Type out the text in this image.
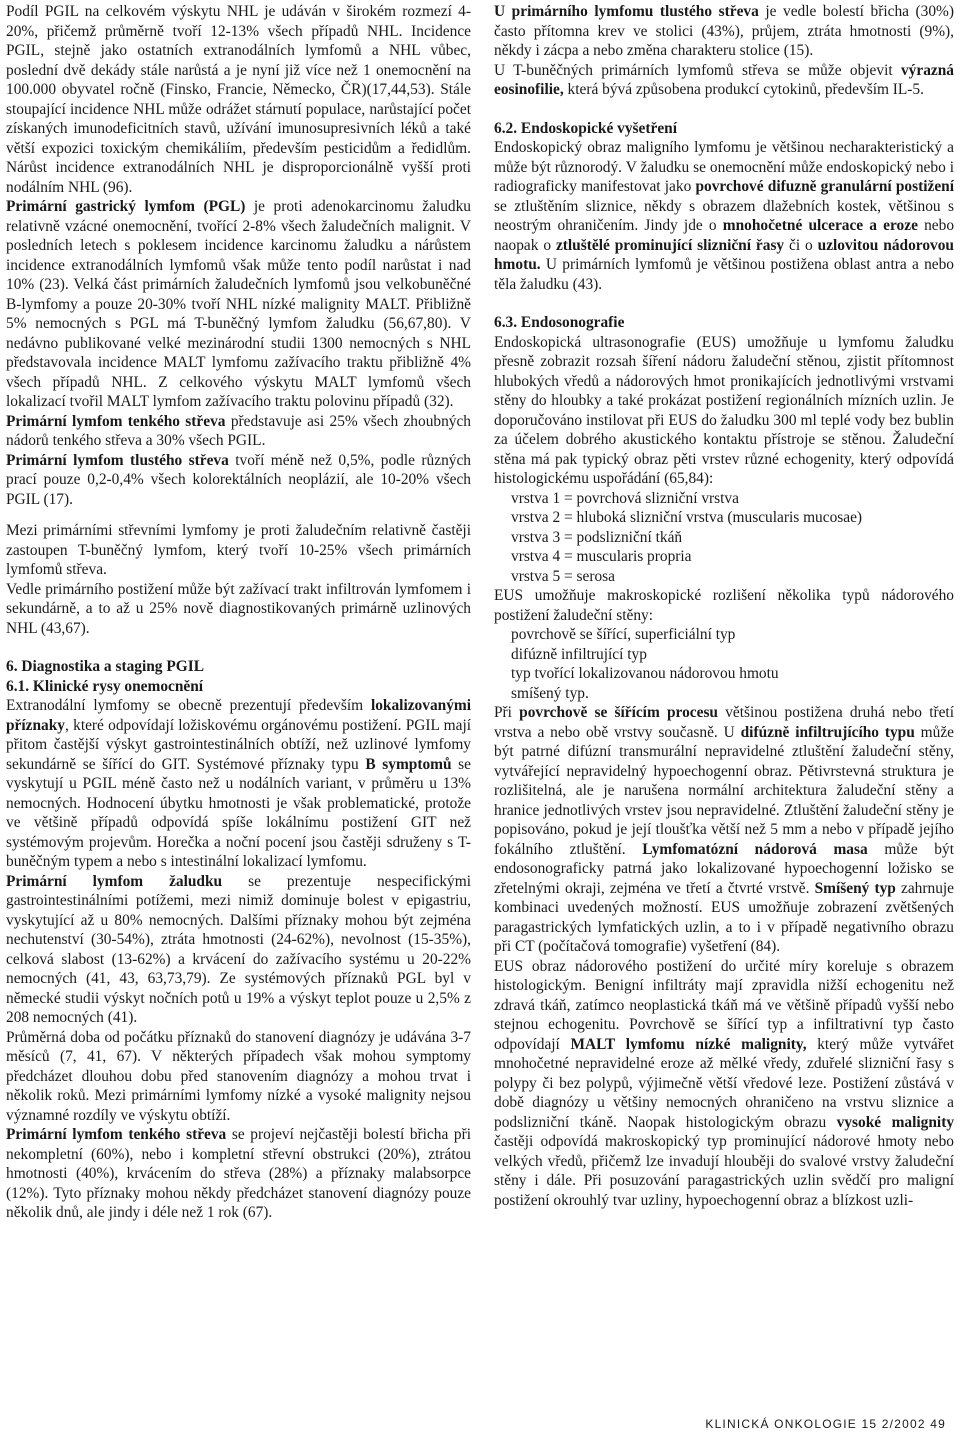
Podíl PGIL na celkovém výskytu NHL je udáván v širokém rozmezí 4-20%, přičemž průměrně tvoří 12-13% všech případů NHL. Incidence PGIL, stejně jako ostatních extranodálních lymfomů a NHL vůbec, poslední dvě dekády stále narůstá a je nyní již více než 1 onemocnění na 100.000 obyvatel ročně (Finsko, Francie, Německo, ČR)(17,44,53). Stále stoupající incidence NHL může odrážet stárnutí populace, narůstající počet získaných imunodeficitních stavů, užívání imunosupresivních léků a také větší expozici toxickým chemikáliím, především pesticidům a ředidlům. Nárůst incidence extranodálních NHL je disproporcionálně vyšší proti nodálním NHL (96).

Primární gastrický lymfom (PGL) je proti adenokarcinomu žaludku relativně vzácné onemocnění, tvořící 2-8% všech žaludečních malignit. V posledních letech s poklesem incidence karcinomu žaludku a nárůstem incidence extranodálních lymfomů však může tento podíl narůstat i nad 10% (23). Velká část primárních žaludečních lymfomů jsou velkobuněčné B-lymfomy a pouze 20-30% tvoří NHL nízké malignity MALT. Přibližně 5% nemocných s PGL má T-buněčný lymfom žaludku (56,67,80). V nedávno publikované velké mezinárodní studii 1300 nemocných s NHL představovala incidence MALT lymfomu zažívacího traktu přibližně 4% všech případů NHL. Z celkového výskytu MALT lymfomů všech lokalizací tvořil MALT lymfom zažívacího traktu polovinu případů (32).

Primární lymfom tenkého střeva představuje asi 25% všech zhoubných nádorů tenkého střeva a 30% všech PGIL.

Primární lymfom tlustého střeva tvoří méně než 0,5%, podle různých prací pouze 0,2-0,4% všech kolorektálních neoplázií, ale 10-20% všech PGIL (17).

Mezi primárními střevními lymfomy je proti žaludečním relativně častěji zastoupen T-buněčný lymfom, který tvoří 10-25% všech primárních lymfomů střeva.

Vedle primárního postižení může být zažívací trakt infiltrován lymfomem i sekundárně, a to až u 25% nově diagnostikovaných primárně uzlinových NHL (43,67).

6. Diagnostika a staging PGIL
6.1. Klinické rysy onemocnění

Extranodální lymfomy se obecně prezentují především lokalizovanými příznaky, které odpovídají ložiskovému orgánovému postižení. PGIL mají přitom častější výskyt gastrointestinálních obtíží, než uzlinové lymfomy sekundárně se šířící do GIT. Systémové příznaky typu B symptomů se vyskytují u PGIL méně často než u nodálních variant, v průměru u 13% nemocných. Hodnocení úbytku hmotnosti je však problematické, protože ve většině případů odpovídá spíše lokálnímu postižení GIT než systémovým projevům. Horečka a noční pocení jsou častěji sdruženy s T-buněčným typem a nebo s intestinální lokalizací lymfomu.

Primární lymfom žaludku se prezentuje nespecifickými gastrointestinálními potížemi, mezi nimiž dominuje bolest v epigastriu, vyskytující až u 80% nemocných. Dalšími příznaky mohou být zejména nechutenství (30-54%), ztráta hmotnosti (24-62%), nevolnost (15-35%), celková slabost (13-62%) a krvácení do zažívacího systému u 20-22% nemocných (41, 43, 63,73,79). Ze systémových příznaků PGL byl v německé studii výskyt nočních potů u 19% a výskyt teplot pouze u 2,5% z 208 nemocných (41).

Průměrná doba od počátku příznaků do stanovení diagnózy je udávána 3-7 měsíců (7, 41, 67). V některých případech však mohou symptomy předcházet dlouhou dobu před stanovením diagnózy a mohou trvat i několik roků. Mezi primárními lymfomy nízké a vysoké malignity nejsou významné rozdíly ve výskytu obtíží.

Primární lymfom tenkého střeva se projeví nejčastěji bolestí břicha při nekompletní (60%), nebo i kompletní střevní obstrukci (20%), ztrátou hmotnosti (40%), krvácením do střeva (28%) a příznaky malabsorpce (12%). Tyto příznaky mohou někdy předcházet stanovení diagnózy pouze několik dnů, ale jindy i déle než 1 rok (67).

U primárního lymfomu tlustého střeva je vedle bolestí břicha (30%) často přítomna krev ve stolici (43%), průjem, ztráta hmotnosti (9%), někdy i zácpa a nebo změna charakteru stolice (15).

U T-buněčných primárních lymfomů střeva se může objevit výrazná eosinofilie, která bývá způsobena produkcí cytokinů, především IL-5.

6.2. Endoskopické vyšetření

Endoskopický obraz maligního lymfomu je většinou necharakteristický a může být různorodý. V žaludku se onemocnění může endoskopický nebo i radiograficky manifestovat jako povrchové difuzně granulární postižení se ztluštěním sliznice, někdy s obrazem dlažebních kostek, většinou s neostrým ohraničením. Jindy jde o mnohočetné ulcerace a eroze nebo naopak o ztluštělé prominující slizniční řasy či o uzlovitou nádorovou hmotu. U primárních lymfomů je většinou postižena oblast antra a nebo těla žaludku (43).

6.3. Endosonografie

Endoskopická ultrasonografie (EUS) umožňuje u lymfomu žaludku přesně zobrazit rozsah šíření nádoru žaludeční stěnou, zjistit přítomnost hlubokých vředů a nádorových hmot pronikajících jednotlivými vrstvami stěny do hloubky a také prokázat postižení regionálních mízních uzlin. Je doporučováno instilovat při EUS do žaludku 300 ml teplé vody bez bublin za účelem dobrého akustického kontaktu přístroje se stěnou. Žaludeční stěna má pak typický obraz pěti vrstev různé echogenity, který odpovídá histologickému uspořádání (65,84):

vrstva 1 = povrchová slizniční vrstva

vrstva 2 = hluboká slizniční vrstva (muscularis mucosae)

vrstva 3 = podslizniční tkáň

vrstva 4 = muscularis propria

vrstva 5 = serosa

EUS umožňuje makroskopické rozlišení několika typů nádorového postižení žaludeční stěny:

povrchově se šířící, superficiální typ

difúzně infiltrující typ

typ tvořící lokalizovanou nádorovou hmotu

smíšený typ.

Při povrchově se šířícím procesu většinou postižena druhá nebo třetí vrstva a nebo obě vrstvy současně. U difúzně infiltrujícího typu může být patrné difúzní transmurální nepravidelné ztluštění žaludeční stěny, vytvářející nepravidelný hypoechogenní obraz. Pětivrstevná struktura je rozlišitelná, ale je narušena normální architektura žaludeční stěny a hranice jednotlivých vrstev jsou nepravidelné. Ztluštění žaludeční stěny je popisováno, pokud je její tloušťka větší než 5 mm a nebo v případě jejího fokálního ztluštění. Lymfomatózní nádorová masa může být endosonograficky patrná jako lokalizované hypoechogenní ložisko se zřetelnými okraji, zejména ve třetí a čtvrté vrstvě. Smíšený typ zahrnuje kombinaci uvedených možností. EUS umožňuje zobrazení zvětšených paragastrických lymfatických uzlin, a to i v případě negativního obrazu při CT (počítačová tomografie) vyšetření (84).

EUS obraz nádorového postižení do určité míry koreluje s obrazem histologickým. Benigní infiltráty mají zpravidla nižší echogenitu než zdravá tkáň, zatímco neoplastická tkáň má ve většině případů vyšší nebo stejnou echogenitu. Povrchově se šířící typ a infiltrativní typ často odpovídají MALT lymfomu nízké malignity, který může vytvářet mnohočetné nepravidelné eroze až mělké vředy, zduřelé slizniční řasy s polypy či bez polypů, výjimečně větší vředové leze. Postižení zůstává v době diagnózy u většiny nemocných ohraničeno na vrstvu sliznice a podslizniční tkáně. Naopak histologickým obrazu vysoké malignity častěji odpovídá makroskopický typ prominující nádorové hmoty nebo velkých vředů, přičemž lze invadují hlouběji do svalové vrstvy žaludeční stěny i dále. Při posuzování paragastrických uzlin svědčí pro maligní postižení okrouhlý tvar uzliny, hypoechogenní obraz a blízkost uzli-

KLINICKÁ ONKOLOGIE 15 2/2002 49
